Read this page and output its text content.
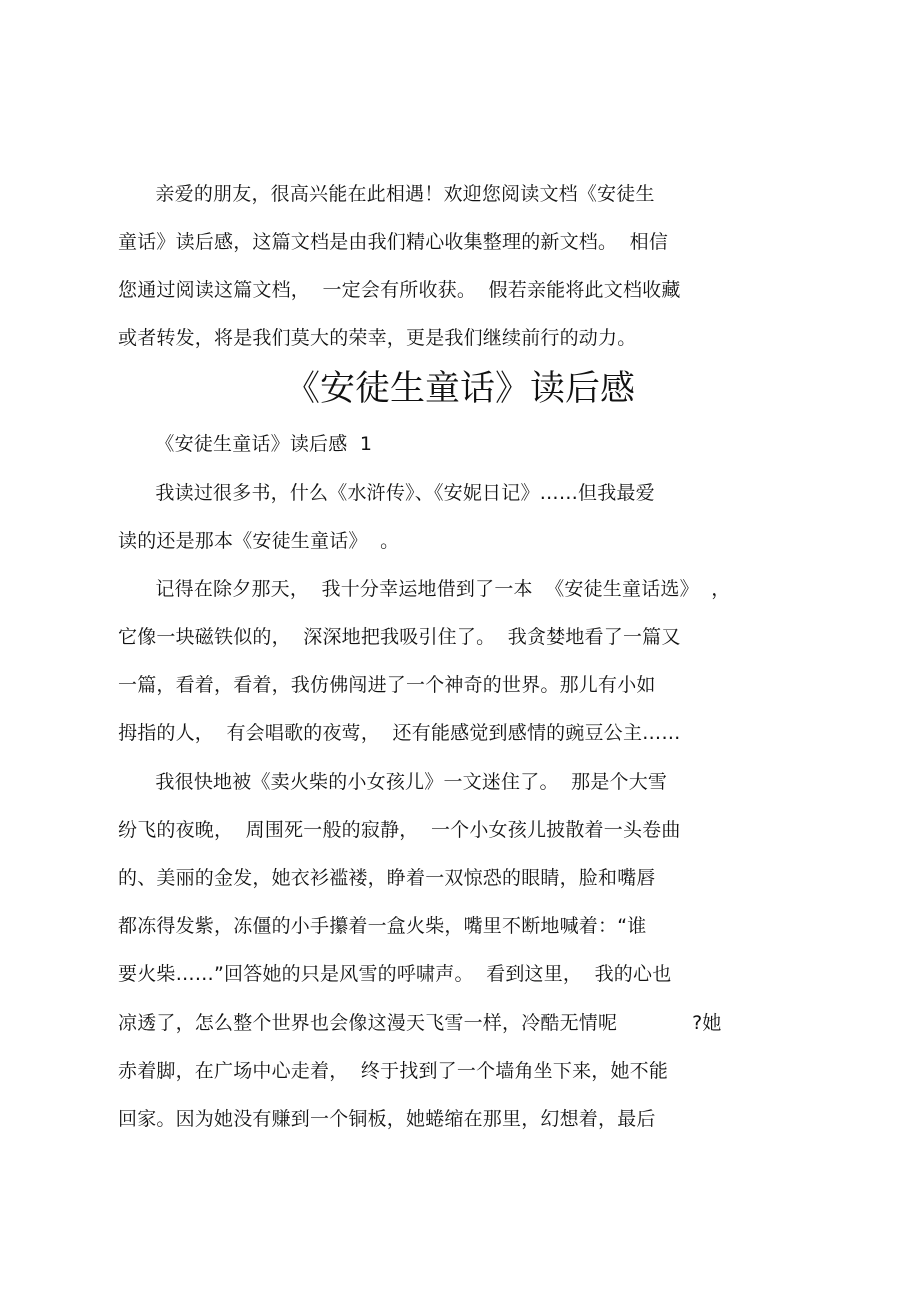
亲爱的朋友，很高兴能在此相遇！欢迎您阅读文档《安徒生
童话》读后感，这篇文档是由我们精心收集整理的新文档。  相信
您通过阅读这篇文档，  一定会有所收获。  假若亲能将此文档收藏
或者转发，将是我们莫大的荣幸，更是我们继续前行的动力。
《安徒生童话》读后感
《安徒生童话》读后感  1
我读过很多书，什么《水浒传》、《安妮日记》……但我最爱
读的还是那本《安徒生童话》  。
记得在除夕那天，  我十分幸运地借到了一本  《安徒生童话选》  ，
它像一块磁铁似的，  深深地把我吸引住了。  我贪婪地看了一篇又
一篇，看着，看着，我仿佛闯进了一个神奇的世界。那儿有小如
拇指的人，  有会唱歌的夜莺，  还有能感觉到感情的豌豆公主……
我很快地被《卖火柴的小女孩儿》一文迷住了。  那是个大雪
纷飞的夜晚，  周围死一般的寂静，  一个小女孩儿披散着一头卷曲
的、美丽的金发，她衣衫褴褛，睁着一双惊恐的眼睛，脸和嘴唇
都冻得发紫，冻僵的小手攥着一盒火柴，嘴里不断地喊着：“谁
要火柴……”回答她的只是风雪的呼啸声。  看到这里，  我的心也
凉透了，怎么整个世界也会像这漫天飞雪一样，冷酷无情呢            ?她
赤着脚，在广场中心走着，  终于找到了一个墙角坐下来，她不能
回家。因为她没有赚到一个铜板，她蜷缩在那里，幻想着，最后
